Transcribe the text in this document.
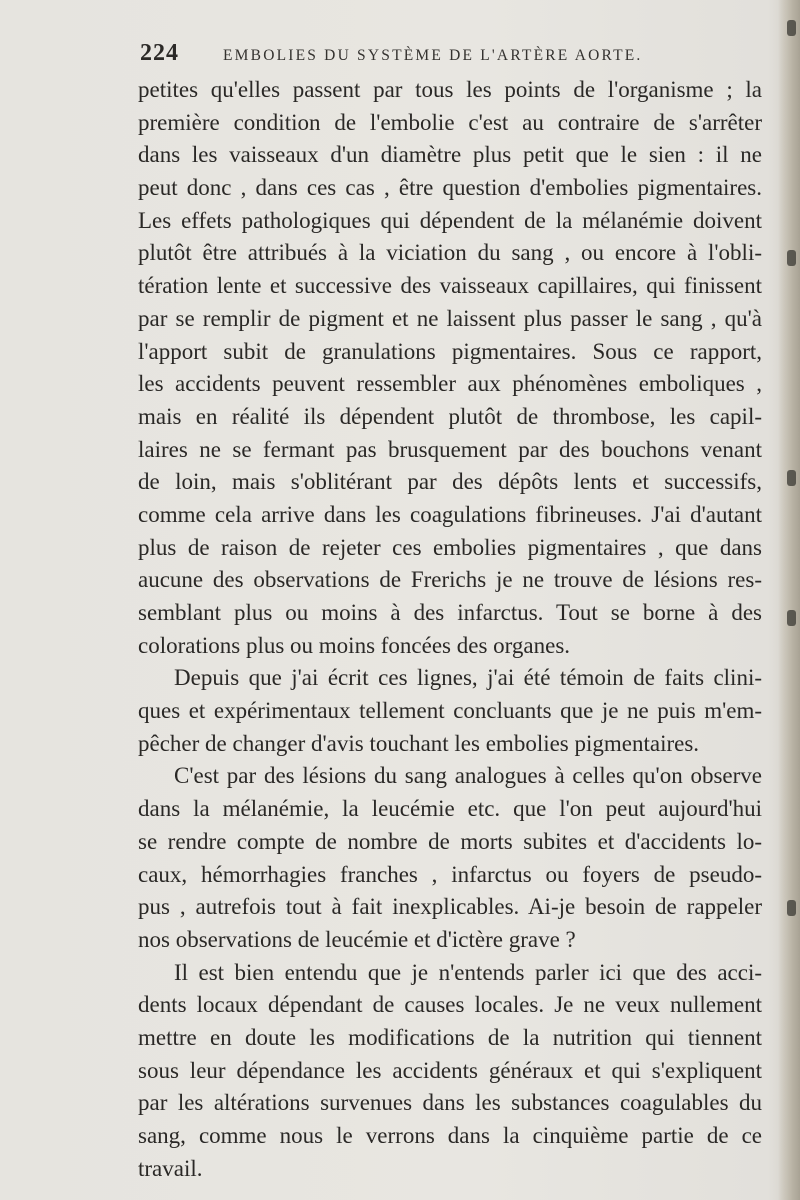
224	EMBOLIES DU SYSTÈME DE L'ARTÈRE AORTE.
petites qu'elles passent par tous les points de l'organisme ; la
première condition de l'embolie c'est au contraire de s'arrêter
dans les vaisseaux d'un diamètre plus petit que le sien : il ne
peut donc , dans ces cas , être question d'embolies pigmentaires.
Les effets pathologiques qui dépendent de la mélanémie doivent
plutôt être attribués à la viciation du sang , ou encore à l'obli-
tération lente et successive des vaisseaux capillaires, qui finissent
par se remplir de pigment et ne laissent plus passer le sang , qu'à
l'apport subit de granulations pigmentaires. Sous ce rapport,
les accidents peuvent ressembler aux phénomènes emboliques ,
mais en réalité ils dépendent plutôt de thrombose, les capil-
laires ne se fermant pas brusquement par des bouchons venant
de loin, mais s'oblitérant par des dépôts lents et successifs,
comme cela arrive dans les coagulations fibrineuses. J'ai d'autant
plus de raison de rejeter ces embolies pigmentaires , que dans
aucune des observations de Frerichs je ne trouve de lésions res-
semblant plus ou moins à des infarctus. Tout se borne à des
colorations plus ou moins foncées des organes.
Depuis que j'ai écrit ces lignes, j'ai été témoin de faits clini-
ques et expérimentaux tellement concluants que je ne puis m'em-
pêcher de changer d'avis touchant les embolies pigmentaires.
C'est par des lésions du sang analogues à celles qu'on observe
dans la mélanémie, la leucémie etc. que l'on peut aujourd'hui
se rendre compte de nombre de morts subites et d'accidents lo-
caux, hémorrhagies franches , infarctus ou foyers de pseudo-
pus , autrefois tout à fait inexplicables. Ai-je besoin de rappeler
nos observations de leucémie et d'ictère grave ?
Il est bien entendu que je n'entends parler ici que des acci-
dents locaux dépendant de causes locales. Je ne veux nullement
mettre en doute les modifications de la nutrition qui tiennent
sous leur dépendance les accidents généraux et qui s'expliquent
par les altérations survenues dans les substances coagulables du
sang, comme nous le verrons dans la cinquième partie de ce
travail.
